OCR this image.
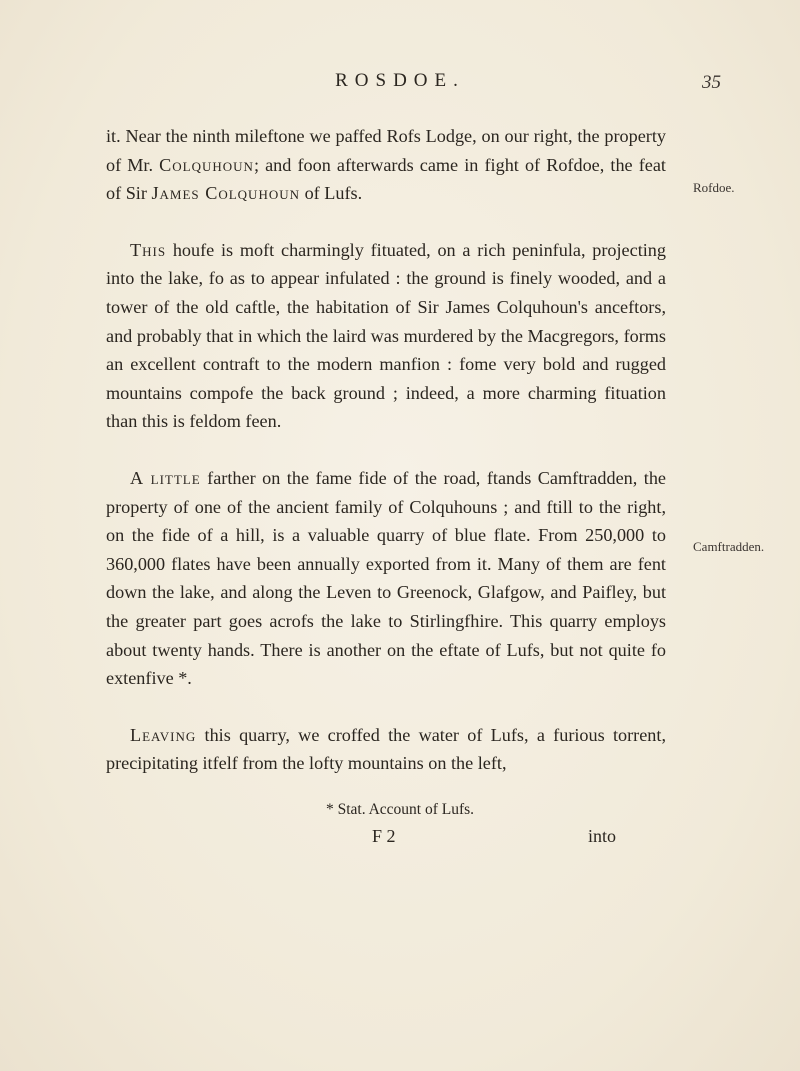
ROSDOE.	35

it. Near the ninth mileftone we paffed Rofs Lodge, on our right, the property of Mr. Colquhoun; and foon afterwards came in fight of Rofdoe, the feat of Sir James Colquhoun of Lufs.

This houfe is moft charmingly fituated, on a rich peninfula, projecting into the lake, fo as to appear infulated : the ground is finely wooded, and a tower of the old caftle, the habitation of Sir James Colquhoun's anceftors, and probably that in which the laird was murdered by the Macgregors, forms an excellent contraft to the modern manfion : fome very bold and rugged mountains compofe the back ground ; indeed, a more charming fituation than this is feldom feen.

A little farther on the fame fide of the road, ftands Camftradden, the property of one of the ancient family of Colquhouns ; and ftill to the right, on the fide of a hill, is a valuable quarry of blue flate. From 250,000 to 360,000 flates have been annually exported from it. Many of them are fent down the lake, and along the Leven to Greenock, Glafgow, and Paifley, but the greater part goes acrofs the lake to Stirlingfhire. This quarry employs about twenty hands. There is another on the eftate of Lufs, but not quite fo extenfive *.

Leaving this quarry, we croffed the water of Lufs, a furious torrent, precipitating itfelf from the lofty mountains on the left,

Rofdoe.
Camftradden.
* Stat. Account of Lufs.
F 2	into
